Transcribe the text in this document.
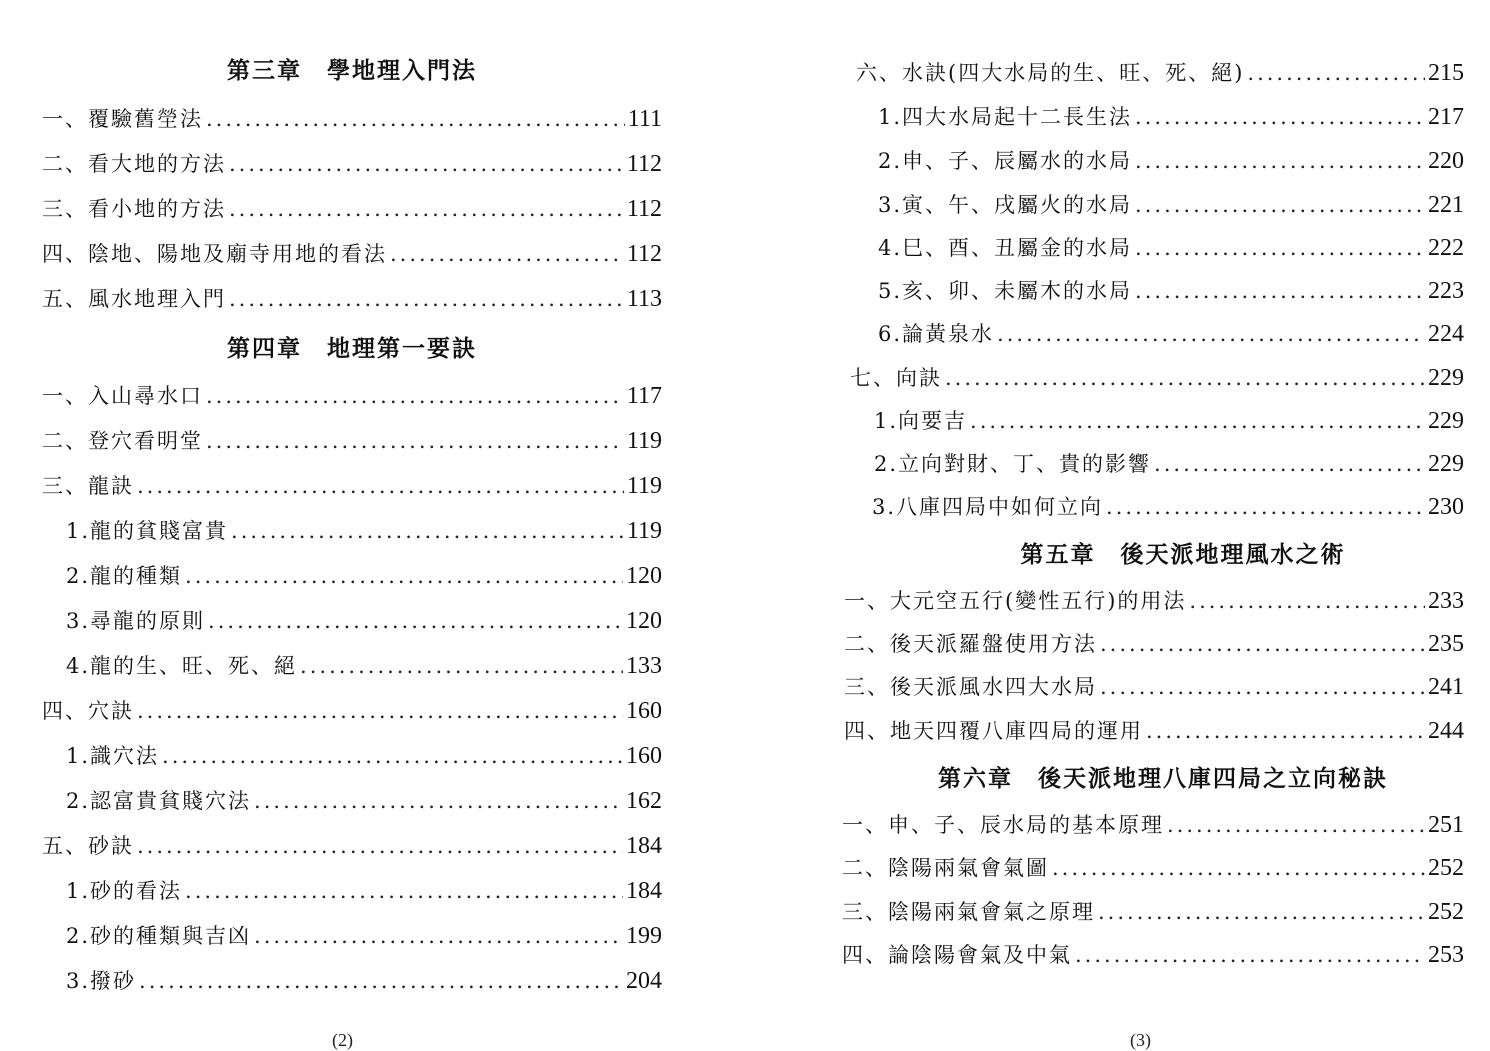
第三章　學地理入門法
一、覆驗舊塋法 .....	111
二、看大地的方法 .....	112
三、看小地的方法 .....	112
四、陰地、陽地及廟寺用地的看法 .....	112
五、風水地理入門 .....	113
第四章　地理第一要訣
一、入山尋水口 .....	117
二、登穴看明堂 .....	119
三、龍訣 .....	119
1.龍的貧賤富貴 .....	119
2.龍的種類 .....	120
3.尋龍的原則 .....	120
4.龍的生、旺、死、絕 .....	133
四、穴訣 .....	160
1.識穴法 .....	160
2.認富貴貧賤穴法 .....	162
五、砂訣 .....	184
1.砂的看法 .....	184
2.砂的種類與吉凶 .....	199
3.撥砂 .....	204
(2)
六、水訣(四大水局的生、旺、死、絕) .....	215
1.四大水局起十二長生法 .....	217
2.申、子、辰屬水的水局 .....	220
3.寅、午、戌屬火的水局 .....	221
4.巳、酉、丑屬金的水局 .....	222
5.亥、卯、未屬木的水局 .....	223
6.論黃泉水 .....	224
七、向訣 .....	229
1.向要吉 .....	229
2.立向對財、丁、貴的影響 .....	229
3.八庫四局中如何立向 .....	230
第五章　後天派地理風水之術
一、大元空五行(變性五行)的用法 .....	233
二、後天派羅盤使用方法 .....	235
三、後天派風水四大水局 .....	241
四、地天四覆八庫四局的運用 .....	244
第六章　後天派地理八庫四局之立向秘訣
一、申、子、辰水局的基本原理 .....	251
二、陰陽兩氣會氣圖 .....	252
三、陰陽兩氣會氣之原理 .....	252
四、論陰陽會氣及中氣 .....	253
(3)
